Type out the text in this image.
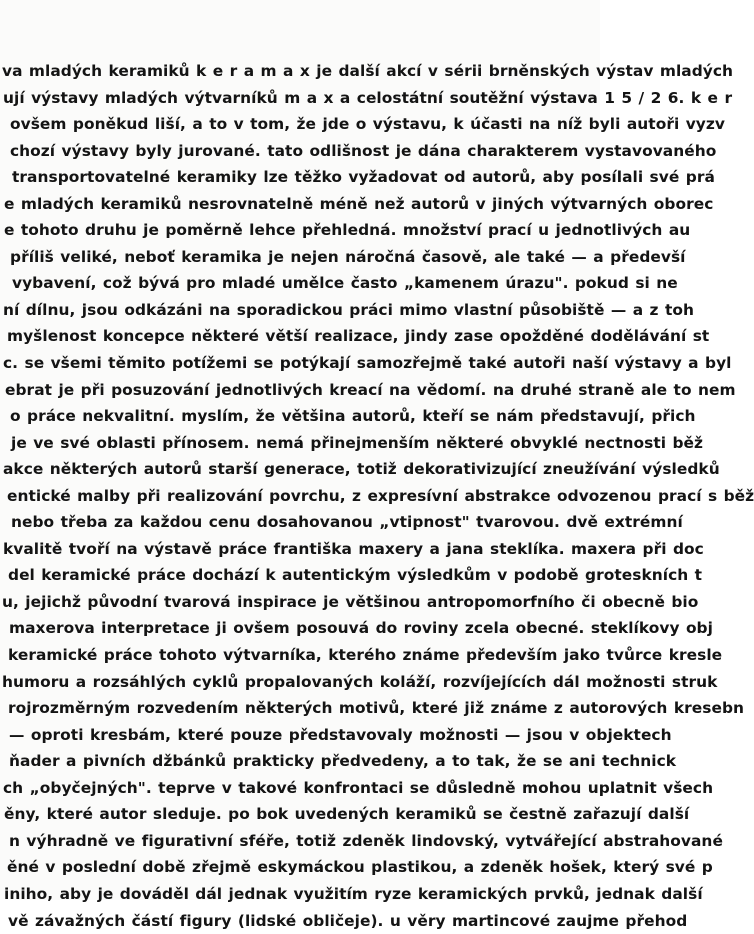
va mladých keramiků k e r a m a x je další akcí v sérii brněnských výstav mladých
ují výstavy mladých výtvarníků m a x a celostátní soutěžní výstava 1 5 / 2 6. k e r
ovšem poněkud liší, a to v tom, že jde o výstavu, k účasti na níž byli autoři vyzv
chozí výstavy byly jurované. tato odlišnost je dána charakterem vystavovaného
transportovatelné keramiky lze těžko vyžadovat od autorů, aby posílali své prá
e mladých keramiků nesrovnatelně méně než autorů v jiných výtvarných oborec
e tohoto druhu je poměrně lehce přehledná. množství prací u jednotlivých au
příliš veliké, neboť keramika je nejen náročná časově, ale také — a předevší
vybavení, což bývá pro mladé umělce často „kamenem úrazu". pokud si ne
ní dílnu, jsou odkázáni na sporadickou práci mimo vlastní působiště — a z toh
myšlenost koncepce některé větší realizace, jindy zase opožděné dodělávání st
c. se všemi těmito potížemi se potýkají samozřejmě také autoři naší výstavy a byl
ebrat je při posuzování jednotlivých kreací na vědomí. na druhé straně ale to nem
o práce nekvalitní. myslím, že většina autorů, kteří se nám představují, přich
je ve své oblasti přínosem. nemá přinejmenším některé obvyklé nectnosti běž
akce některých autorů starší generace, totiž dekorativizující zneužívání výsledků
entické malby při realizování povrchu, z expresívní abstrakce odvozenou prací s běž
nebo třeba za každou cenu dosahovanou „vtipnost" tvarovou. dvě extrémní
kvalitě tvoří na výstavě práce františka maxery a jana steklíka. maxera při doc
del keramické práce dochází k autentickým výsledkům v podobě groteskních t
u, jejichž původní tvarová inspirace je většinou antropomorfního či obecně bio
maxerova interpretace ji ovšem posouvá do roviny zcela obecné. steklíkovy obj
keramické práce tohoto výtvarníka, kterého známe především jako tvůrce kresle
humoru a rozsáhlých cyklů propalovaných koláží, rozvíjejících dál možnosti struk
rojrozměrným rozvedením některých motivů, které již známe z autorových kresebn
— oproti kresbám, které pouze představovaly možnosti — jsou v objektech
ňader a pivních džbánků prakticky předvedeny, a to tak, že se ani technick
ch „obyčejných". teprve v takové konfrontaci se důsledně mohou uplatnit všech
ěny, které autor sleduje. po bok uvedených keramiků se čestně zařazují další
n výhradně ve figurativní sféře, totiž zdeněk lindovský, vytvářející abstrahované
ěné v poslední době zřejmě eskymáckou plastikou, a zdeněk hošek, který své p
iniho, aby je dováděl dál jednak využitím ryze keramických prvků, jednak další
vě závažných částí figury (lidské obličeje). u věry martincové zaujme přehod
